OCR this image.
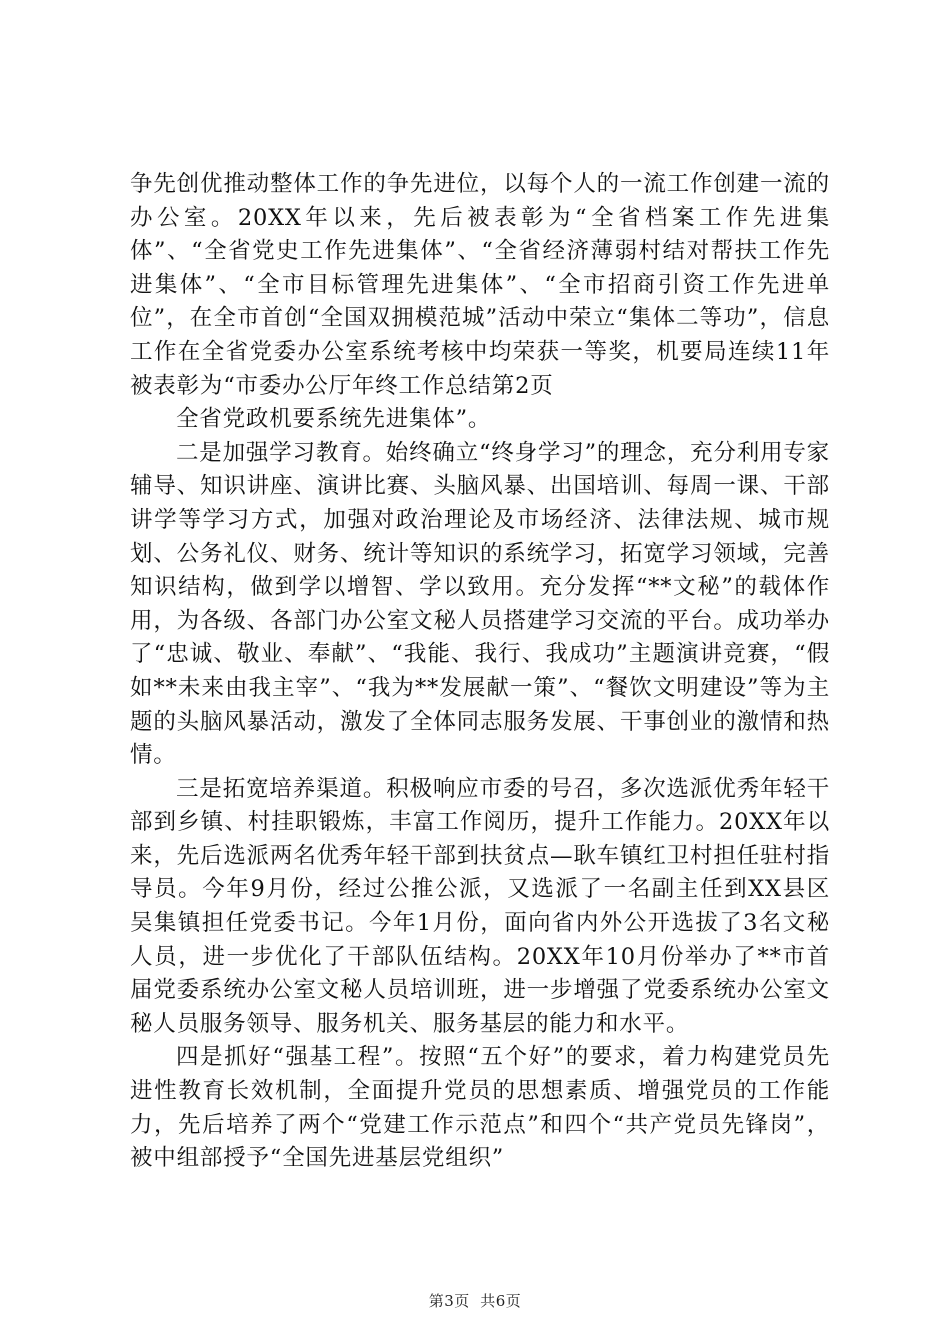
争先创优推动整体工作的争先进位，以每个人的一流工作创建一流的办公室。20XX年以来，先后被表彰为“全省档案工作先进集体”、“全省党史工作先进集体”、“全省经济薄弱村结对帮扶工作先进集体”、“全市目标管理先进集体”、“全市招商引资工作先进单位”，在全市首创“全国双拥模范城”活动中荣立“集体二等功”，信息工作在全省党委办公室系统考核中均荣获一等奖，机要局连续11年被表彰为“市委办公厅年终工作总结第2页

全省党政机要系统先进集体”。

二是加强学习教育。始终确立“终身学习”的理念，充分利用专家辅导、知识讲座、演讲比赛、头脑风暴、出国培训、每周一课、干部讲学等学习方式，加强对政治理论及市场经济、法律法规、城市规划、公务礼仪、财务、统计等知识的系统学习，拓宽学习领域，完善知识结构，做到学以增智、学以致用。充分发挥“**文秘”的载体作用，为各级、各部门办公室文秘人员搭建学习交流的平台。成功举办了“忠诚、敬业、奉献”、“我能、我行、我成功”主题演讲竞赛，“假如**未来由我主宰”、“我为**发展献一策”、“餐饮文明建设”等为主题的头脑风暴活动，激发了全体同志服务发展、干事创业的激情和热情。

三是拓宽培养渠道。积极响应市委的号召，多次选派优秀年轻干部到乡镇、村挂职锻炼，丰富工作阅历，提升工作能力。20XX年以来，先后选派两名优秀年轻干部到扶贫点—耿车镇红卫村担任驻村指导员。今年9月份，经过公推公派，又选派了一名副主任到XX县区吴集镇担任党委书记。今年1月份，面向省内外公开选拔了3名文秘人员，进一步优化了干部队伍结构。20XX年10月份举办了**市首届党委系统办公室文秘人员培训班，进一步增强了党委系统办公室文秘人员服务领导、服务机关、服务基层的能力和水平。

四是抓好“强基工程”。按照“五个好”的要求，着力构建党员先进性教育长效机制，全面提升党员的思想素质、增强党员的工作能力，先后培养了两个“党建工作示范点”和四个“共产党员先锋岗”，被中组部授予“全国先进基层党组织”

第3页  共6页
